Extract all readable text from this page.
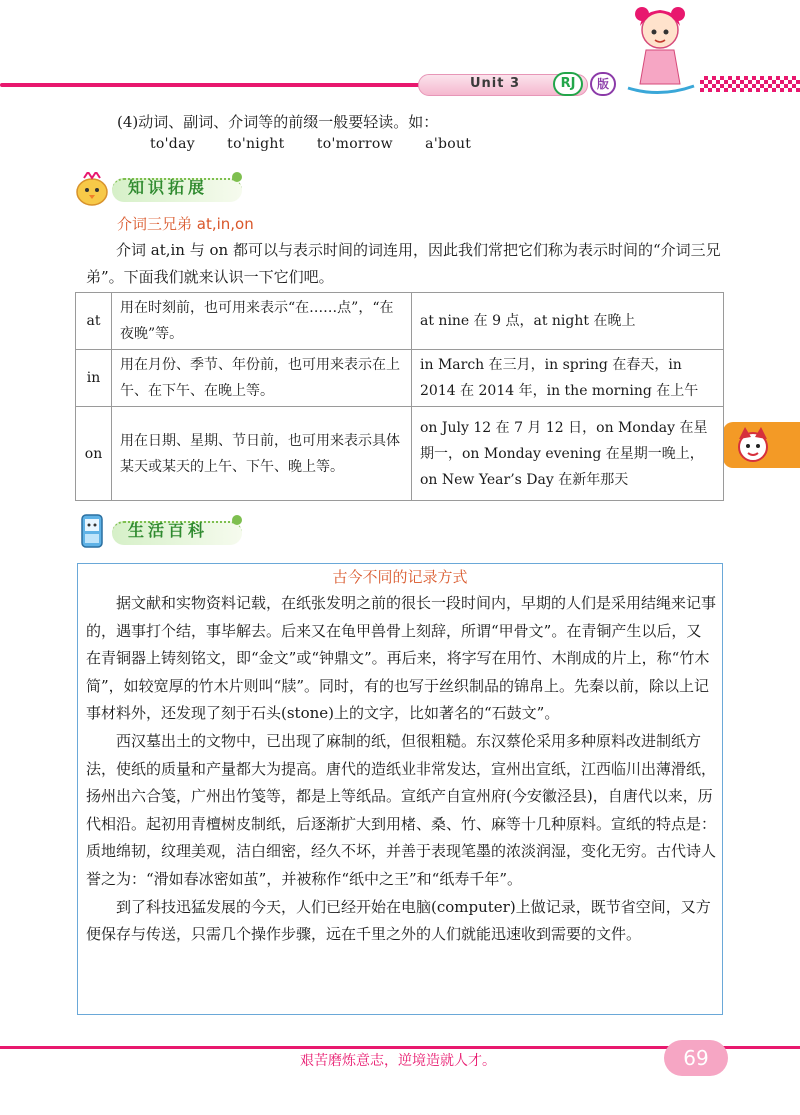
Unit 3	RJ	版
(4)动词、副词、介词等的前缀一般要轻读。如：
to'day   to'night   to'morrow   a'bout
知识拓展
介词三兄弟 at,in,on
介词 at,in 与 on 都可以与表示时间的词连用，因此我们常把它们称为表示时间的“介词三兄弟”。下面我们就来认识一下它们吧。
at	用在时刻前，也可用来表示“在……点”，“在夜晚”等。	at nine 在 9 点，at night 在晚上
in	用在月份、季节、年份前，也可用来表示在上午、在下午、在晚上等。	in March 在三月，in spring 在春天，in 2014 在 2014 年，in the morning 在上午
on	用在日期、星期、节日前，也可用来表示具体某天或某天的上午、下午、晚上等。	on July 12 在 7 月 12 日，on Monday 在星期一，on Monday evening 在星期一晚上，on New Year’s Day 在新年那天
生活百科
古今不同的记录方式

据文献和实物资料记载，在纸张发明之前的很长一段时间内，早期的人们是采用结绳来记事的，遇事打个结，事毕解去。后来又在龟甲兽骨上刻辞，所谓“甲骨文”。在青铜产生以后，又在青铜器上铸刻铭文，即“金文”或“钟鼎文”。再后来，将字写在用竹、木削成的片上，称“竹木简”，如较宽厚的竹木片则叫“牍”。同时，有的也写于丝织制品的锦帛上。先秦以前，除以上记事材料外，还发现了刻于石头(stone)上的文字，比如著名的“石鼓文”。

西汉墓出土的文物中，已出现了麻制的纸，但很粗糙。东汉蔡伦采用多种原料改进制纸方法，使纸的质量和产量都大为提高。唐代的造纸业非常发达，宣州出宣纸，江西临川出薄滑纸，扬州出六合笺，广州出竹笺等，都是上等纸品。宣纸产自宣州府(今安徽泾县)，自唐代以来，历代相沿。起初用青檀树皮制纸，后逐渐扩大到用楮、桑、竹、麻等十几种原料。宣纸的特点是：质地绵韧，纹理美观，洁白细密，经久不坏，并善于表现笔墨的浓淡润湿，变化无穷。古代诗人誉之为：“滑如春冰密如茧”，并被称作“纸中之王”和“纸寿千年”。

到了科技迅猛发展的今天，人们已经开始在电脑(computer)上做记录，既节省空间，又方便保存与传送，只需几个操作步骤，远在千里之外的人们就能迅速收到需要的文件。

艰苦磨炼意志，逆境造就人才。	69
